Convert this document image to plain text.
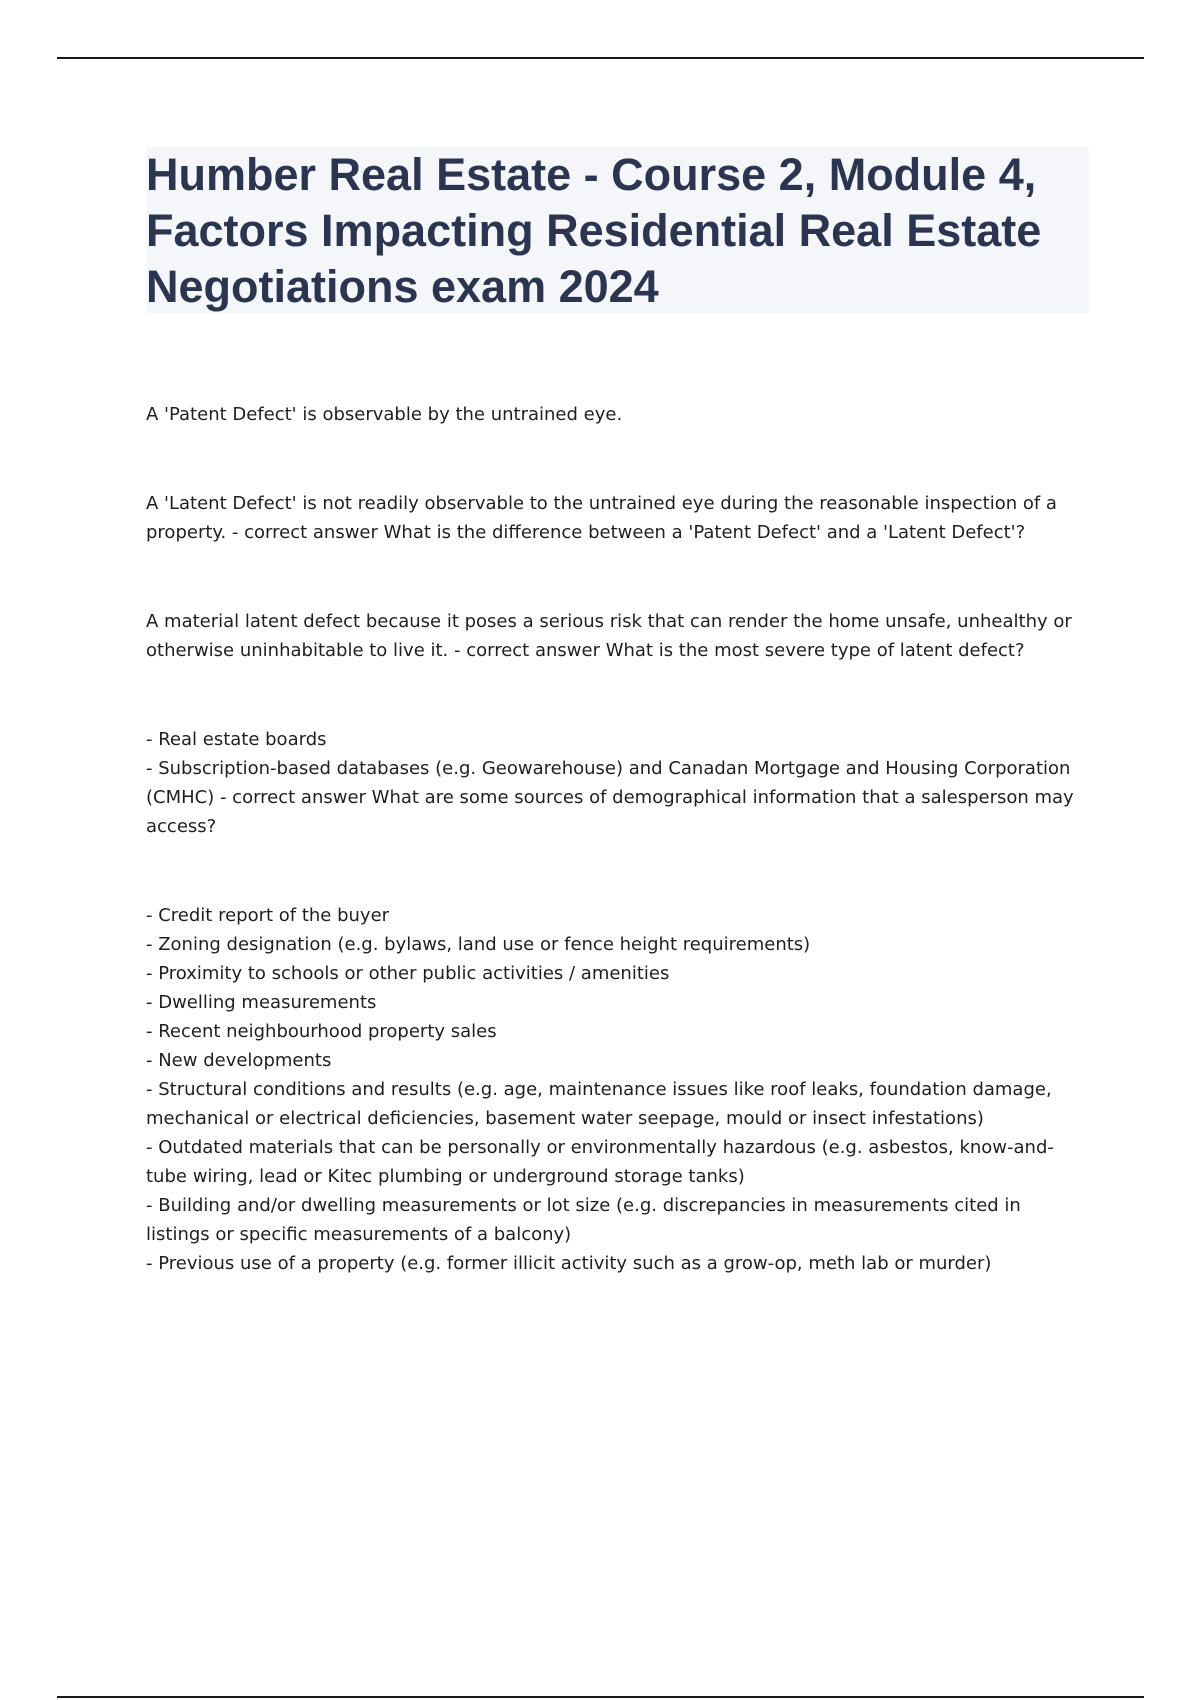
Humber Real Estate - Course 2, Module 4, Factors Impacting Residential Real Estate Negotiations exam 2024

A 'Patent Defect' is observable by the untrained eye.

A 'Latent Defect' is not readily observable to the untrained eye during the reasonable inspection of a property. - correct answer What is the difference between a 'Patent Defect' and a 'Latent Defect'?

A material latent defect because it poses a serious risk that can render the home unsafe, unhealthy or otherwise uninhabitable to live it. - correct answer What is the most severe type of latent defect?

- Real estate boards

- Subscription-based databases (e.g. Geowarehouse) and Canadan Mortgage and Housing Corporation (CMHC) - correct answer What are some sources of demographical information that a salesperson may access?

- Credit report of the buyer

- Zoning designation (e.g. bylaws, land use or fence height requirements)

- Proximity to schools or other public activities / amenities

- Dwelling measurements

- Recent neighbourhood property sales

- New developments

- Structural conditions and results (e.g. age, maintenance issues like roof leaks, foundation damage, mechanical or electrical deficiencies, basement water seepage, mould or insect infestations)

- Outdated materials that can be personally or environmentally hazardous (e.g. asbestos, know-and-tube wiring, lead or Kitec plumbing or underground storage tanks)

- Building and/or dwelling measurements or lot size (e.g. discrepancies in measurements cited in listings or specific measurements of a balcony)

- Previous use of a property (e.g. former illicit activity such as a grow-op, meth lab or murder)
